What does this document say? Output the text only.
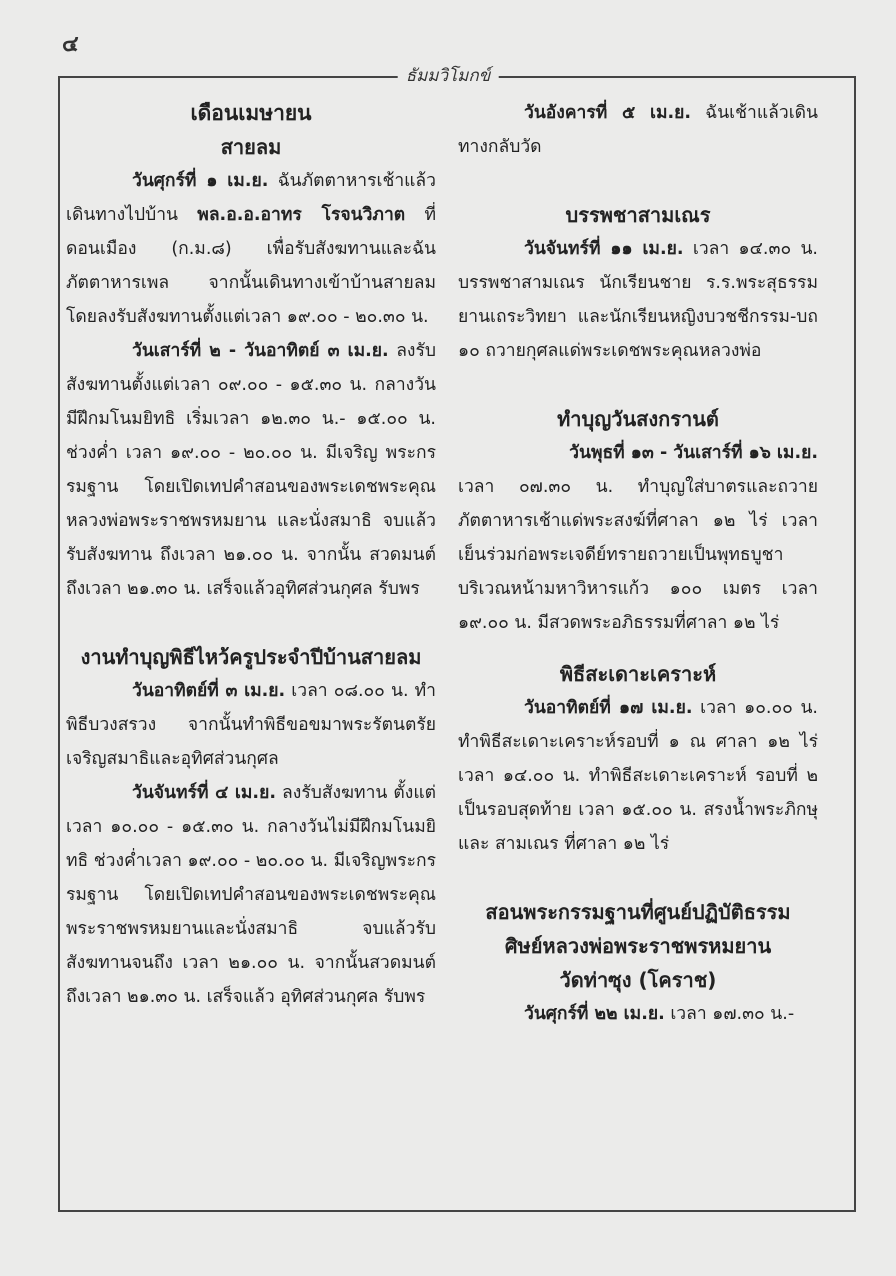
๔
ธัมมวิโมกข์

เดือนเมษายน

สายลม

วันศุกร์ที่ ๑ เม.ย. ฉันภัตตาหารเช้าแล้วเดินทางไปบ้าน พล.อ.อ.อาทร โรจนวิภาต ที่ดอนเมือง (ก.ม.๘) เพื่อรับสังฆทานและฉันภัตตาหารเพล จากนั้นเดินทางเข้าบ้านสายลม โดยลงรับสังฆทานตั้งแต่เวลา ๑๙.๐๐ - ๒๐.๓๐ น.

วันเสาร์ที่ ๒ - วันอาทิตย์ ๓ เม.ย. ลงรับสังฆทานตั้งแต่เวลา ๐๙.๐๐ - ๑๕.๓๐ น. กลางวันมีฝึกมโนมยิทธิ เริ่มเวลา ๑๒.๓๐ น.- ๑๕.๐๐ น. ช่วงค่ำ เวลา ๑๙.๐๐ - ๒๐.๐๐ น. มีเจริญ พระกรรมฐาน โดยเปิดเทปคำสอนของพระเดชพระคุณหลวงพ่อพระราชพรหมยาน และนั่งสมาธิ จบแล้ว รับสังฆทาน ถึงเวลา ๒๑.๐๐ น. จากนั้น สวดมนต์ ถึงเวลา ๒๑.๓๐ น. เสร็จแล้วอุทิศส่วนกุศล รับพร

งานทำบุญพิธีไหว้ครูประจำปีบ้านสายลม

วันอาทิตย์ที่ ๓ เม.ย. เวลา ๐๘.๐๐ น. ทำพิธีบวงสรวง จากนั้นทำพิธีขอขมาพระรัตนตรัย เจริญสมาธิและอุทิศส่วนกุศล

วันจันทร์ที่ ๔ เม.ย. ลงรับสังฆทาน ตั้งแต่เวลา ๑๐.๐๐ - ๑๕.๓๐ น. กลางวันไม่มีฝึกมโนมยิทธิ ช่วงค่ำเวลา ๑๙.๐๐ - ๒๐.๐๐ น. มีเจริญพระกรรมฐาน โดยเปิดเทปคำสอนของพระเดชพระคุณพระราชพรหมยานและนั่งสมาธิ จบแล้วรับสังฆทานจนถึง เวลา ๒๑.๐๐ น. จากนั้นสวดมนต์ถึงเวลา ๒๑.๓๐ น. เสร็จแล้ว อุทิศส่วนกุศล รับพร

วันอังคารที่ ๕ เม.ย. ฉันเช้าแล้วเดินทางกลับวัด

บรรพชาสามเณร

วันจันทร์ที่ ๑๑ เม.ย. เวลา ๑๔.๓๐ น. บรรพชาสามเณร นักเรียนชาย ร.ร.พระสุธรรมยานเถระวิทยา และนักเรียนหญิงบวชชีกรรม-บถ ๑๐ ถวายกุศลแด่พระเดชพระคุณหลวงพ่อ

ทำบุญวันสงกรานต์

วันพุธที่ ๑๓ - วันเสาร์ที่ ๑๖ เม.ย.

เวลา ๐๗.๓๐ น. ทำบุญใส่บาตรและถวายภัตตาหารเช้าแด่พระสงฆ์ที่ศาลา ๑๒ ไร่ เวลาเย็นร่วมก่อพระเจดีย์ทรายถวายเป็นพุทธบูชา บริเวณหน้ามหาวิหารแก้ว ๑๐๐ เมตร เวลา ๑๙.๐๐ น. มีสวดพระอภิธรรมที่ศาลา ๑๒ ไร่

พิธีสะเดาะเคราะห์

วันอาทิตย์ที่ ๑๗ เม.ย. เวลา ๑๐.๐๐ น. ทำพิธีสะเดาะเคราะห์รอบที่ ๑ ณ ศาลา ๑๒ ไร่ เวลา ๑๔.๐๐ น. ทำพิธีสะเดาะเคราะห์ รอบที่ ๒ เป็นรอบสุดท้าย เวลา ๑๕.๐๐ น. สรงน้ำพระภิกษุ และ สามเณร ที่ศาลา ๑๒ ไร่

สอนพระกรรมฐานที่ศูนย์ปฏิบัติธรรม

ศิษย์หลวงพ่อพระราชพรหมยาน

วัดท่าซุง (โคราช)

วันศุกร์ที่ ๒๒ เม.ย. เวลา ๑๗.๓๐ น.-
